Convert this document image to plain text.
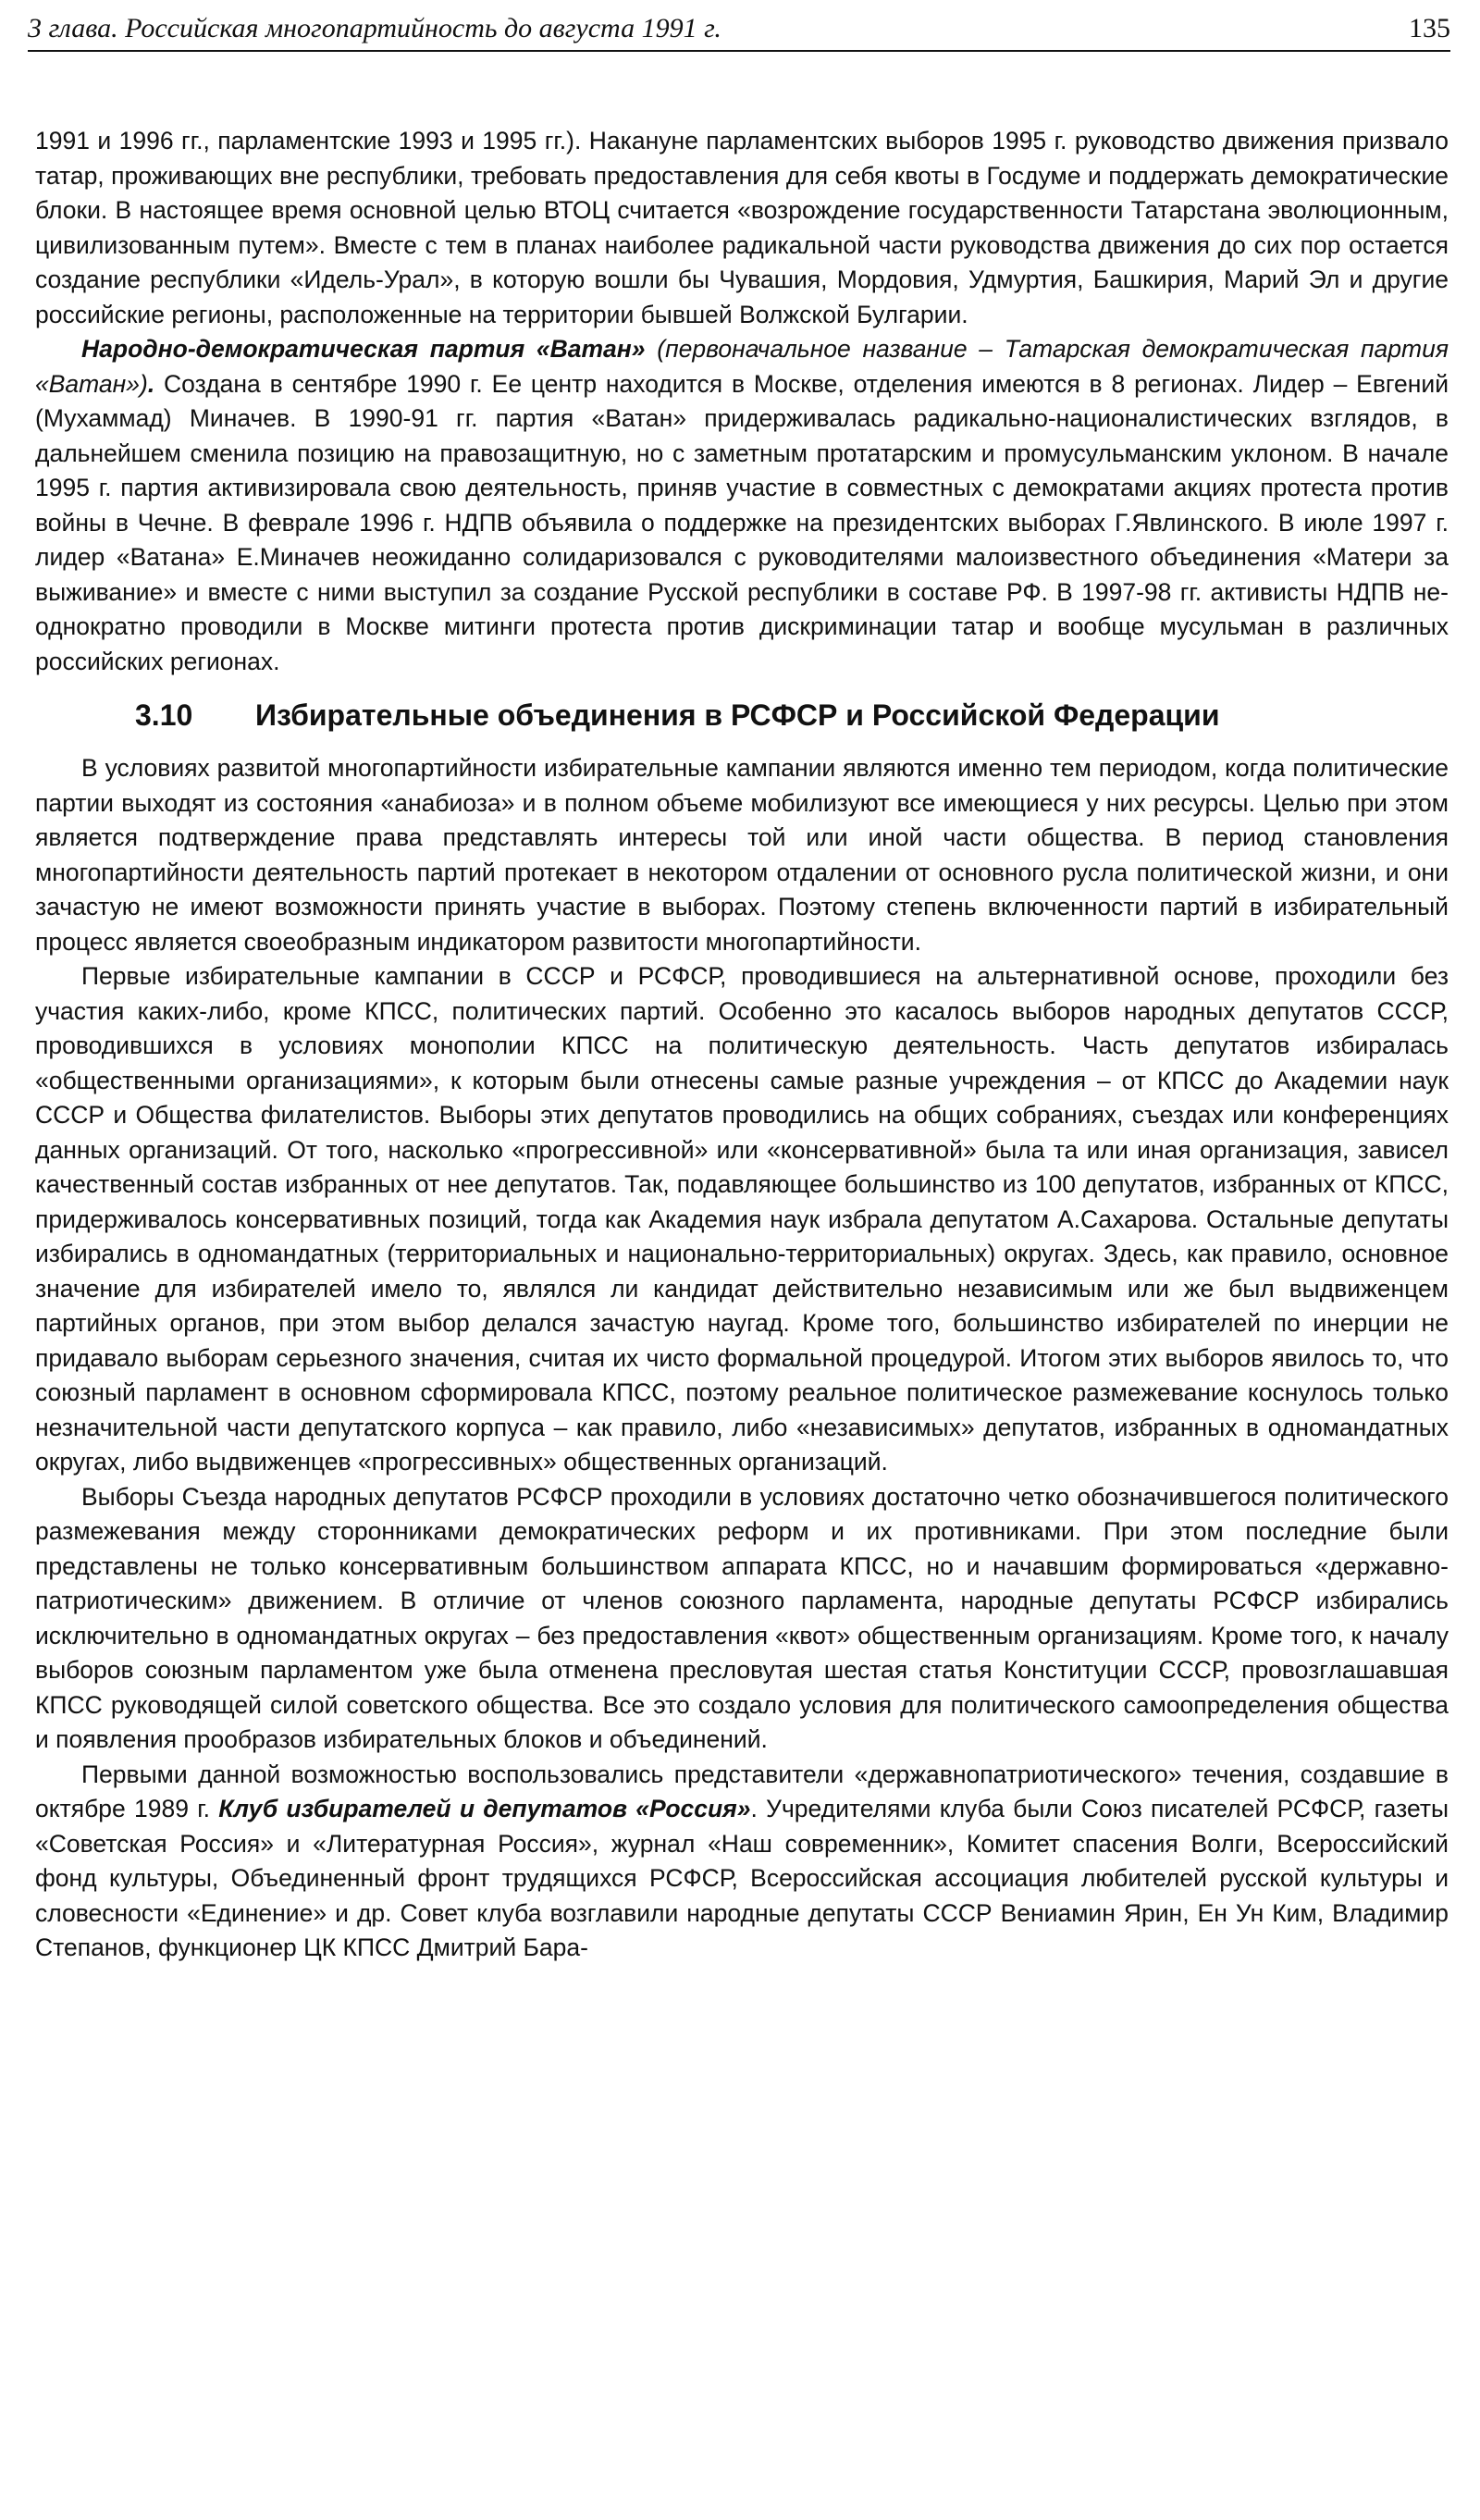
3 глава. Российская многопартийность до августа 1991 г.	135

1991 и 1996 гг., парламентские 1993 и 1995 гг.). Накануне парламентских выборов 1995 г. руководство движения призвало татар, проживающих вне республики, требовать предоставления для себя квоты в Госдуме и поддержать демократические блоки. В настоящее время основной целью ВТОЦ считается «возрождение государственности Татарстана эволюционным, цивилизованным путем». Вместе с тем в планах наиболее радикальной части руководства движения до сих пор остается создание республики «Идель-Урал», в которую вошли бы Чувашия, Мордовия, Удмуртия, Башкирия, Марий Эл и другие российские регионы, расположенные на территории бывшей Волжской Булгарии.

Народно-демократическая партия «Ватан» (первоначальное название – Татарская демократическая партия «Ватан»). Создана в сентябре 1990 г. Ее центр находится в Москве, отделения имеются в 8 регионах. Лидер – Евгений (Мухаммад) Миначев. В 1990-91 гг. партия «Ватан» придерживалась радикально-националистических взглядов, в дальнейшем сменила позицию на правозащитную, но с заметным протатарским и промусульманским уклоном. В начале 1995 г. партия активизировала свою деятельность, приняв участие в совместных с демократами акциях протеста против войны в Чечне. В феврале 1996 г. НДПВ объявила о поддержке на президентских выборах Г.Явлинского. В июле 1997 г. лидер «Ватана» Е.Миначев неожиданно солидаризовался с руководителями малоизвестного объединения «Матери за выживание» и вместе с ними выступил за создание Русской республики в составе РФ. В 1997-98 гг. активисты НДПВ неоднократно проводили в Москве митинги протеста против дискриминации татар и вообще мусульман в различных российских регионах.

3.10 Избирательные объединения в РСФСР и Российской Федерации

В условиях развитой многопартийности избирательные кампании являются именно тем периодом, когда политические партии выходят из состояния «анабиоза» и в полном объеме мобилизуют все имеющиеся у них ресурсы. Целью при этом является подтверждение права представлять интересы той или иной части общества. В период становления многопартийности деятельность партий протекает в некотором отдалении от основного русла политической жизни, и они зачастую не имеют возможности принять участие в выборах. Поэтому степень включенности партий в избирательный процесс является своеобразным индикатором развитости многопартийности.

Первые избирательные кампании в СССР и РСФСР, проводившиеся на альтернативной основе, проходили без участия каких-либо, кроме КПСС, политических партий. Особенно это касалось выборов народных депутатов СССР, проводившихся в условиях монополии КПСС на политическую деятельность. Часть депутатов избиралась «общественными организациями», к которым были отнесены самые разные учреждения – от КПСС до Академии наук СССР и Общества филателистов. Выборы этих депутатов проводились на общих собраниях, съездах или конференциях данных организаций. От того, насколько «прогрессивной» или «консервативной» была та или иная организация, зависел качественный состав избранных от нее депутатов. Так, подавляющее большинство из 100 депутатов, избранных от КПСС, придерживалось консервативных позиций, тогда как Академия наук избрала депутатом А.Сахарова. Остальные депутаты избирались в одномандатных (территориальных и национально-территориальных) округах. Здесь, как правило, основное значение для избирателей имело то, являлся ли кандидат действительно независимым или же был выдвиженцем партийных органов, при этом выбор делался зачастую наугад. Кроме того, большинство избирателей по инерции не придавало выборам серьезного значения, считая их чисто формальной процедурой. Итогом этих выборов явилось то, что союзный парламент в основном сформировала КПСС, поэтому реальное политическое размежевание коснулось только незначительной части депутатского корпуса – как правило, либо «независимых» депутатов, избранных в одномандатных округах, либо выдвиженцев «прогрессивных» общественных организаций.

Выборы Съезда народных депутатов РСФСР проходили в условиях достаточно четко обозначившегося политического размежевания между сторонниками демократических реформ и их противниками. При этом последние были представлены не только консервативным большинством аппарата КПСС, но и начавшим формироваться «державно-патриотическим» движением. В отличие от членов союзного парламента, народные депутаты РСФСР избирались исключительно в одномандатных округах – без предоставления «квот» общественным организациям. Кроме того, к началу выборов союзным парламентом уже была отменена пресловутая шестая статья Конституции СССР, провозглашавшая КПСС руководящей силой советского общества. Все это создало условия для политического самоопределения общества и появления прообразов избирательных блоков и объединений.

Первыми данной возможностью воспользовались представители «державнопатриотического» течения, создавшие в октябре 1989 г. Клуб избирателей и депутатов «Россия». Учредителями клуба были Союз писателей РСФСР, газеты «Советская Россия» и «Литературная Россия», журнал «Наш современник», Комитет спасения Волги, Всероссийский фонд культуры, Объединенный фронт трудящихся РСФСР, Всероссийская ассоциация любителей русской культуры и словесности «Единение» и др. Совет клуба возглавили народные депутаты СССР Вениамин Ярин, Ен Ун Ким, Владимир Степанов, функционер ЦК КПСС Дмитрий Бара-
